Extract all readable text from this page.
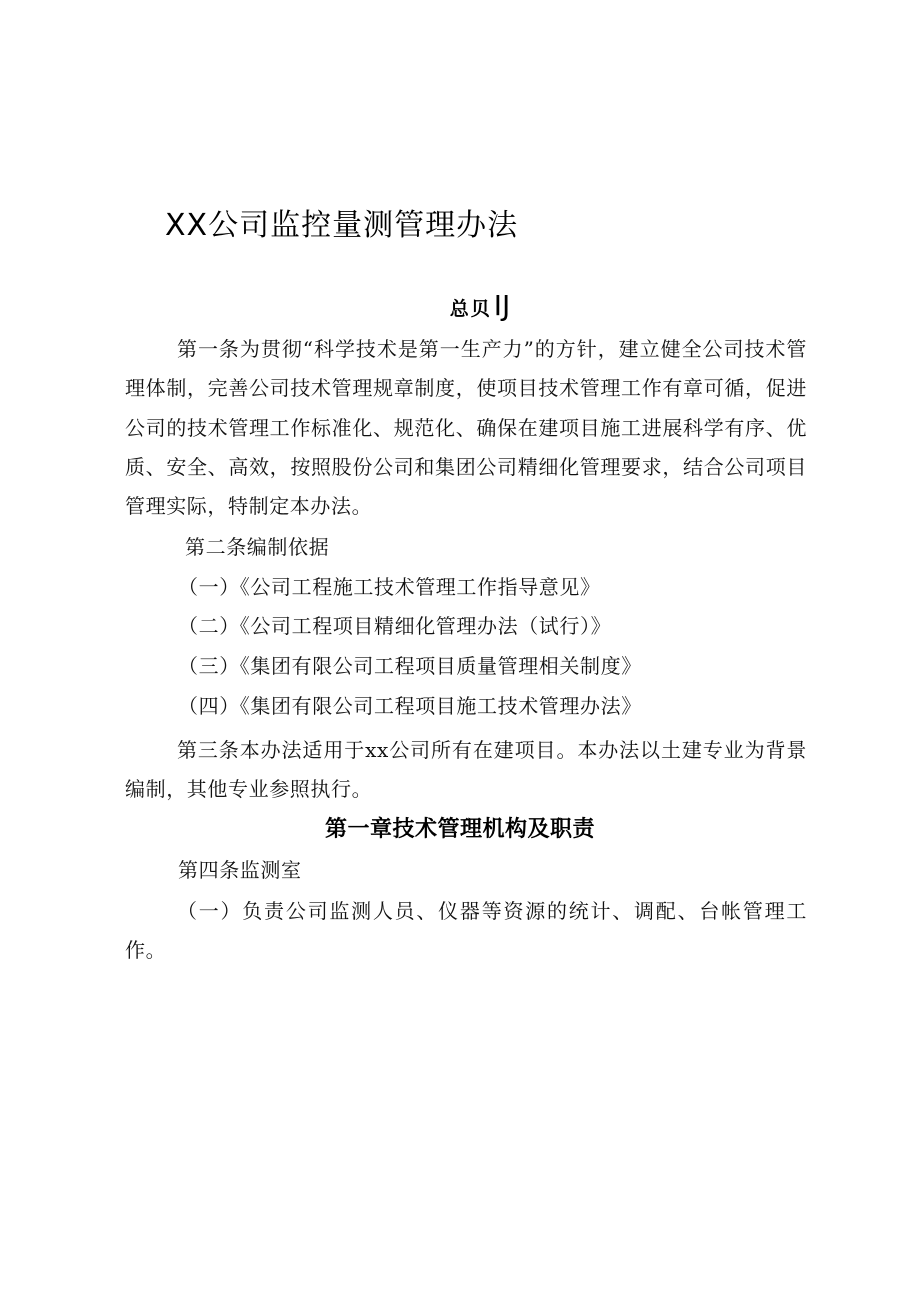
XX公司监控量测管理办法
总贝IJ
第一条为贯彻“科学技术是第一生产力”的方针，建立健全公司技术管理体制，完善公司技术管理规章制度，使项目技术管理工作有章可循，促进公司的技术管理工作标准化、规范化、确保在建项目施工进展科学有序、优质、安全、高效，按照股份公司和集团公司精细化管理要求，结合公司项目管理实际，特制定本办法。
第二条编制依据
（一）《公司工程施工技术管理工作指导意见》
（二）《公司工程项目精细化管理办法（试行）》
（三）《集团有限公司工程项目质量管理相关制度》
（四）《集团有限公司工程项目施工技术管理办法》
第三条本办法适用于xx公司所有在建项目。本办法以土建专业为背景编制，其他专业参照执行。
第一章技术管理机构及职责
第四条监测室
（一）负责公司监测人员、仪器等资源的统计、调配、台帐管理工作。
